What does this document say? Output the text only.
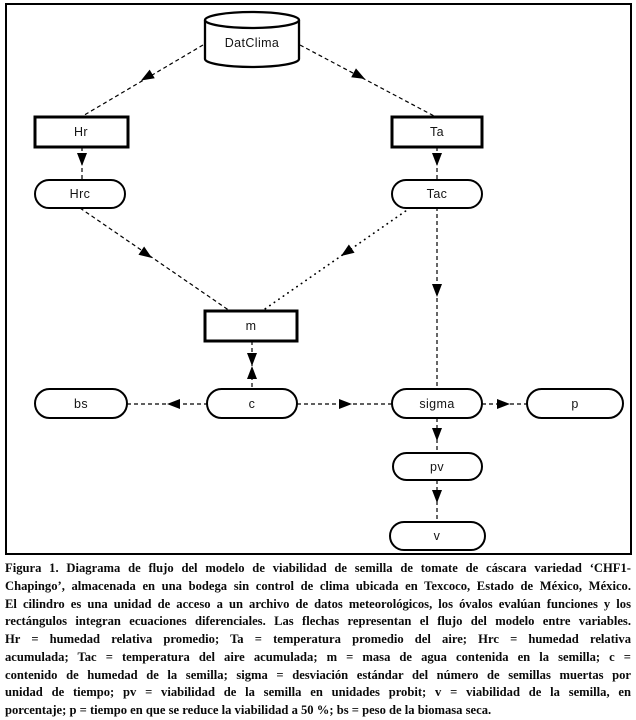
DatClima
Hr	Ta
Hrc	Tac
m
bs	c	sigma	p
pv
v
Figura 1. Diagrama de flujo del modelo de viabilidad de semilla de tomate de cáscara variedad ‘CHF1-
Chapingo’, almacenada en una bodega sin control de clima ubicada en Texcoco, Estado de México, México.
El cilindro es una unidad de acceso a un archivo de datos meteorológicos, los óvalos evalúan funciones y los
rectángulos integran ecuaciones diferenciales. Las flechas representan el flujo del modelo entre variables.
Hr = humedad relativa promedio; Ta = temperatura promedio del aire; Hrc = humedad relativa
acumulada; Tac = temperatura del aire acumulada; m = masa de agua contenida en la semilla; c =
contenido de humedad de la semilla; sigma = desviación estándar del número de semillas muertas por
unidad de tiempo; pv = viabilidad de la semilla en unidades probit; v = viabilidad de la semilla, en
porcentaje; p = tiempo en que se reduce la viabilidad a 50 %; bs = peso de la biomasa seca.
